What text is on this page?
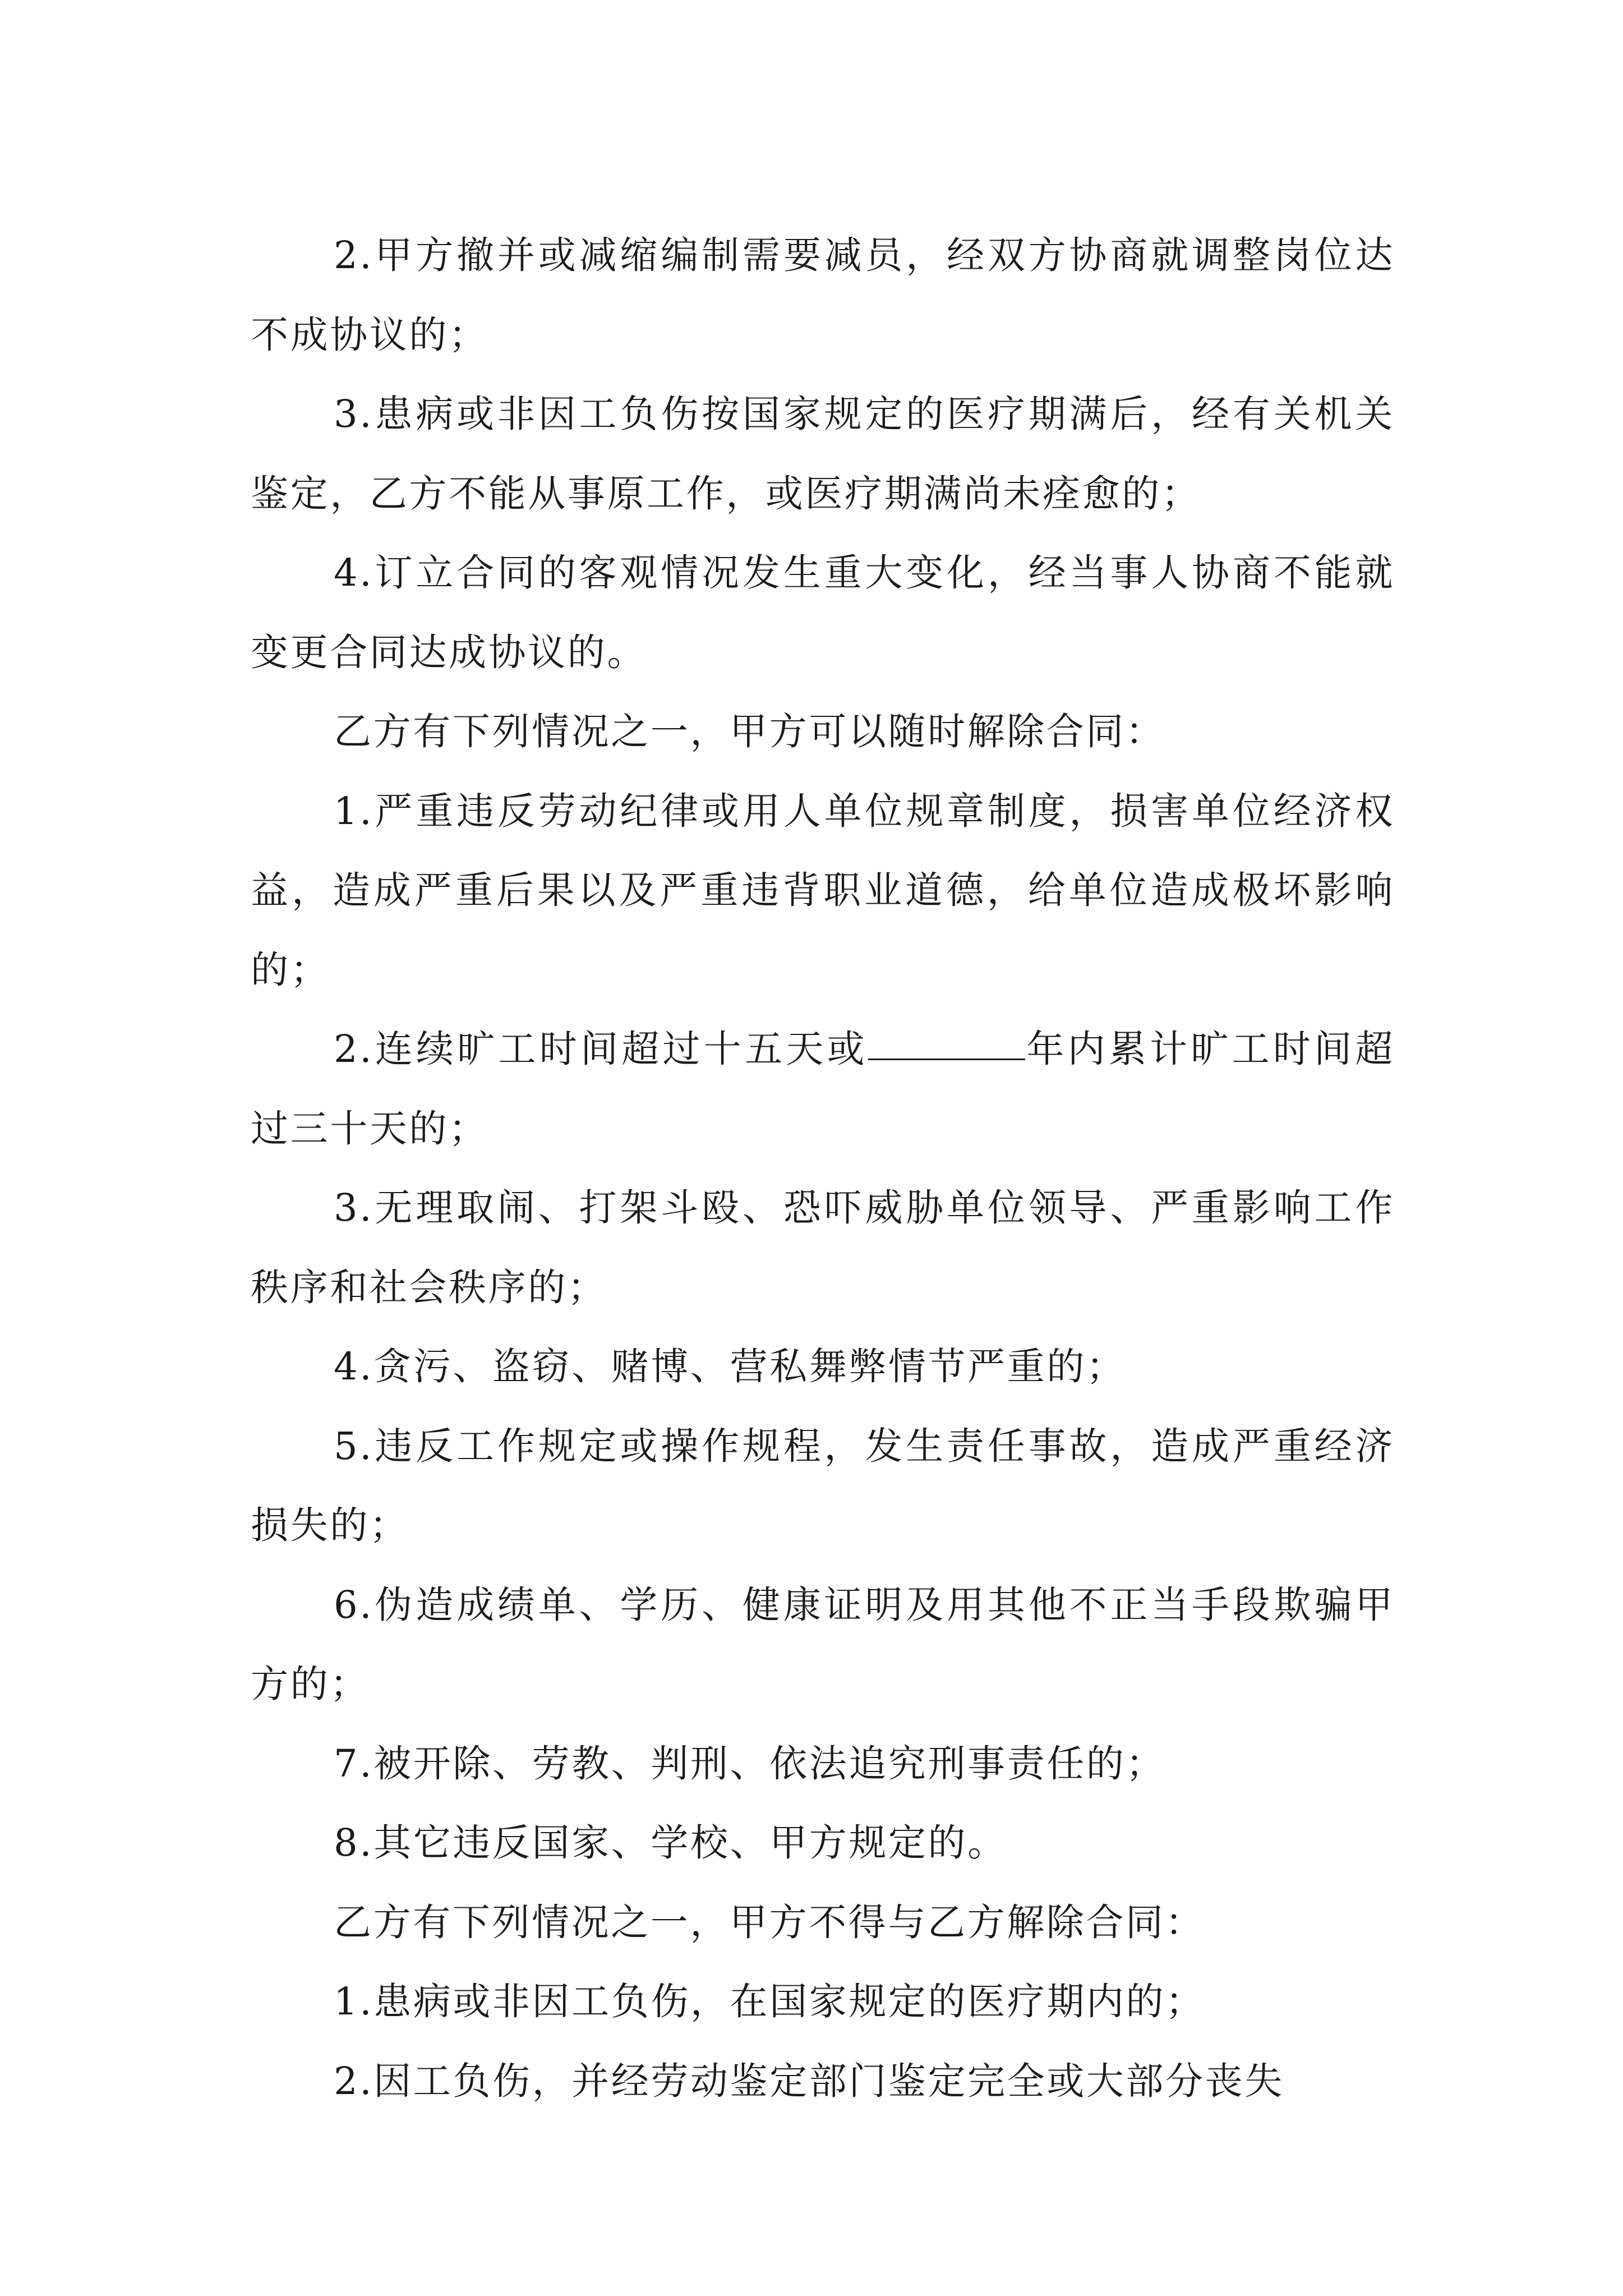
2.甲方撤并或减缩编制需要减员，经双方协商就调整岗位达不成协议的；

3.患病或非因工负伤按国家规定的医疗期满后，经有关机关鉴定，乙方不能从事原工作，或医疗期满尚未痊愈的；

4.订立合同的客观情况发生重大变化，经当事人协商不能就变更合同达成协议的。

乙方有下列情况之一，甲方可以随时解除合同：

1.严重违反劳动纪律或用人单位规章制度，损害单位经济权益，造成严重后果以及严重违背职业道德，给单位造成极坏影响的；

2.连续旷工时间超过十五天或	年内累计旷工时间超过三十天的；

3.无理取闹、打架斗殴、恐吓威胁单位领导、严重影响工作秩序和社会秩序的；

4.贪污、盗窃、赌博、营私舞弊情节严重的；

5.违反工作规定或操作规程，发生责任事故，造成严重经济损失的；

6.伪造成绩单、学历、健康证明及用其他不正当手段欺骗甲方的；

7.被开除、劳教、判刑、依法追究刑事责任的；

8.其它违反国家、学校、甲方规定的。

乙方有下列情况之一，甲方不得与乙方解除合同：

1.患病或非因工负伤，在国家规定的医疗期内的；

2.因工负伤，并经劳动鉴定部门鉴定完全或大部分丧失
